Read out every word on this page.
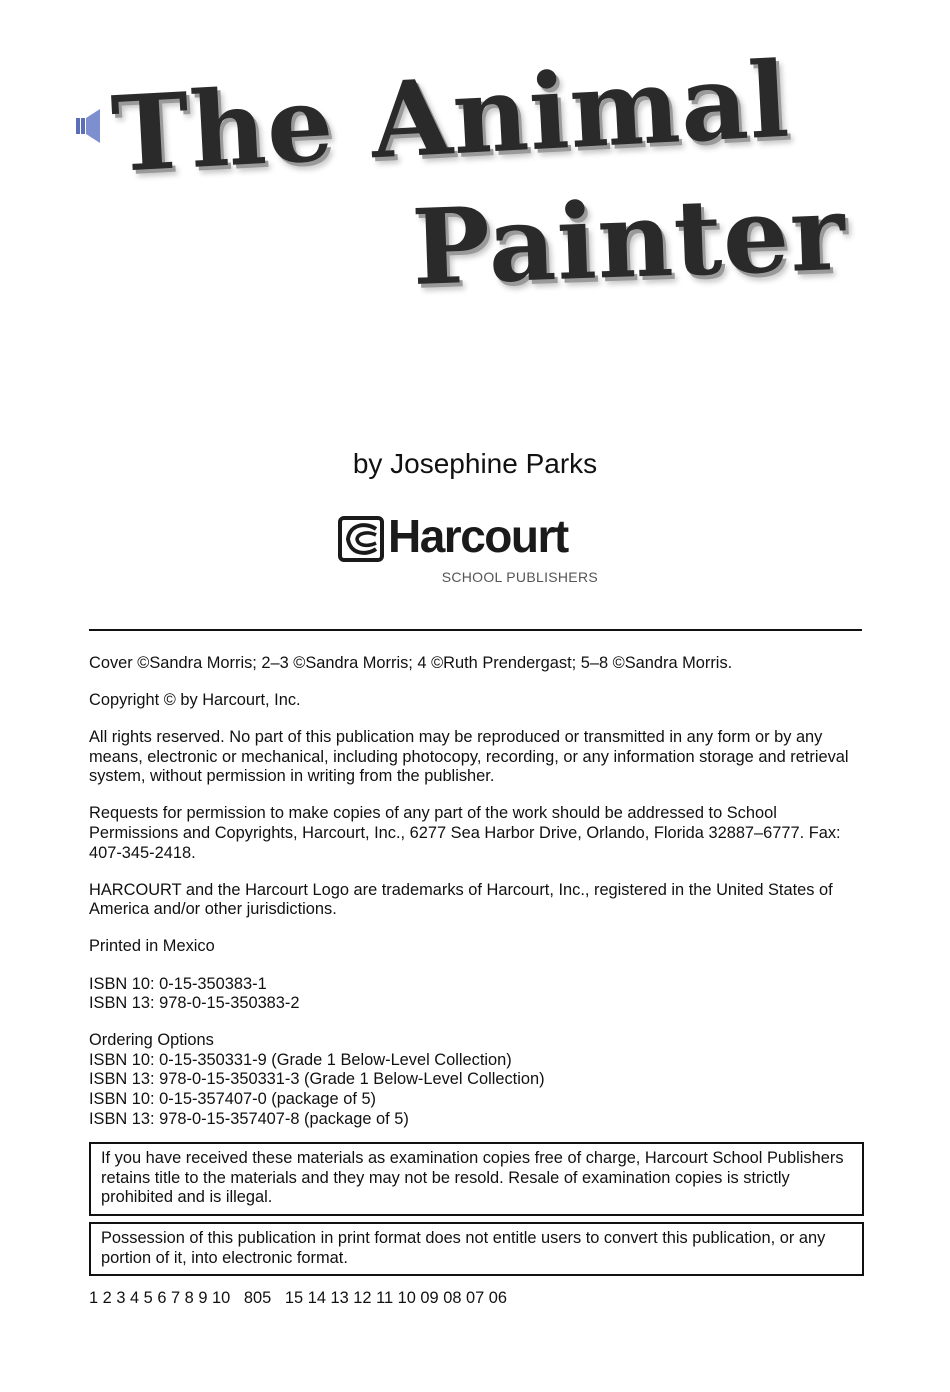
The Animal
Painter
by Josephine Parks
Harcourt
SCHOOL PUBLISHERS

Cover ©Sandra Morris; 2–3 ©Sandra Morris; 4 ©Ruth Prendergast; 5–8 ©Sandra Morris.

Copyright © by Harcourt, Inc.

All rights reserved. No part of this publication may be reproduced or transmitted in any form or by any means, electronic or mechanical, including photocopy, recording, or any information storage and retrieval system, without permission in writing from the publisher.

Requests for permission to make copies of any part of the work should be addressed to School Permissions and Copyrights, Harcourt, Inc., 6277 Sea Harbor Drive, Orlando, Florida 32887–6777. Fax: 407-345-2418.

HARCOURT and the Harcourt Logo are trademarks of Harcourt, Inc., registered in the United States of America and/or other jurisdictions.

Printed in Mexico

ISBN 10: 0-15-350383-1
ISBN 13: 978-0-15-350383-2

Ordering Options
ISBN 10: 0-15-350331-9 (Grade 1 Below-Level Collection)
ISBN 13: 978-0-15-350331-3 (Grade 1 Below-Level Collection)
ISBN 10: 0-15-357407-0 (package of 5)
ISBN 13: 978-0-15-357407-8 (package of 5)

If you have received these materials as examination copies free of charge, Harcourt School Publishers retains title to the materials and they may not be resold. Resale of examination copies is strictly prohibited and is illegal.
Possession of this publication in print format does not entitle users to convert this publication, or any portion of it, into electronic format.
1 2 3 4 5 6 7 8 9 10   805   15 14 13 12 11 10 09 08 07 06
